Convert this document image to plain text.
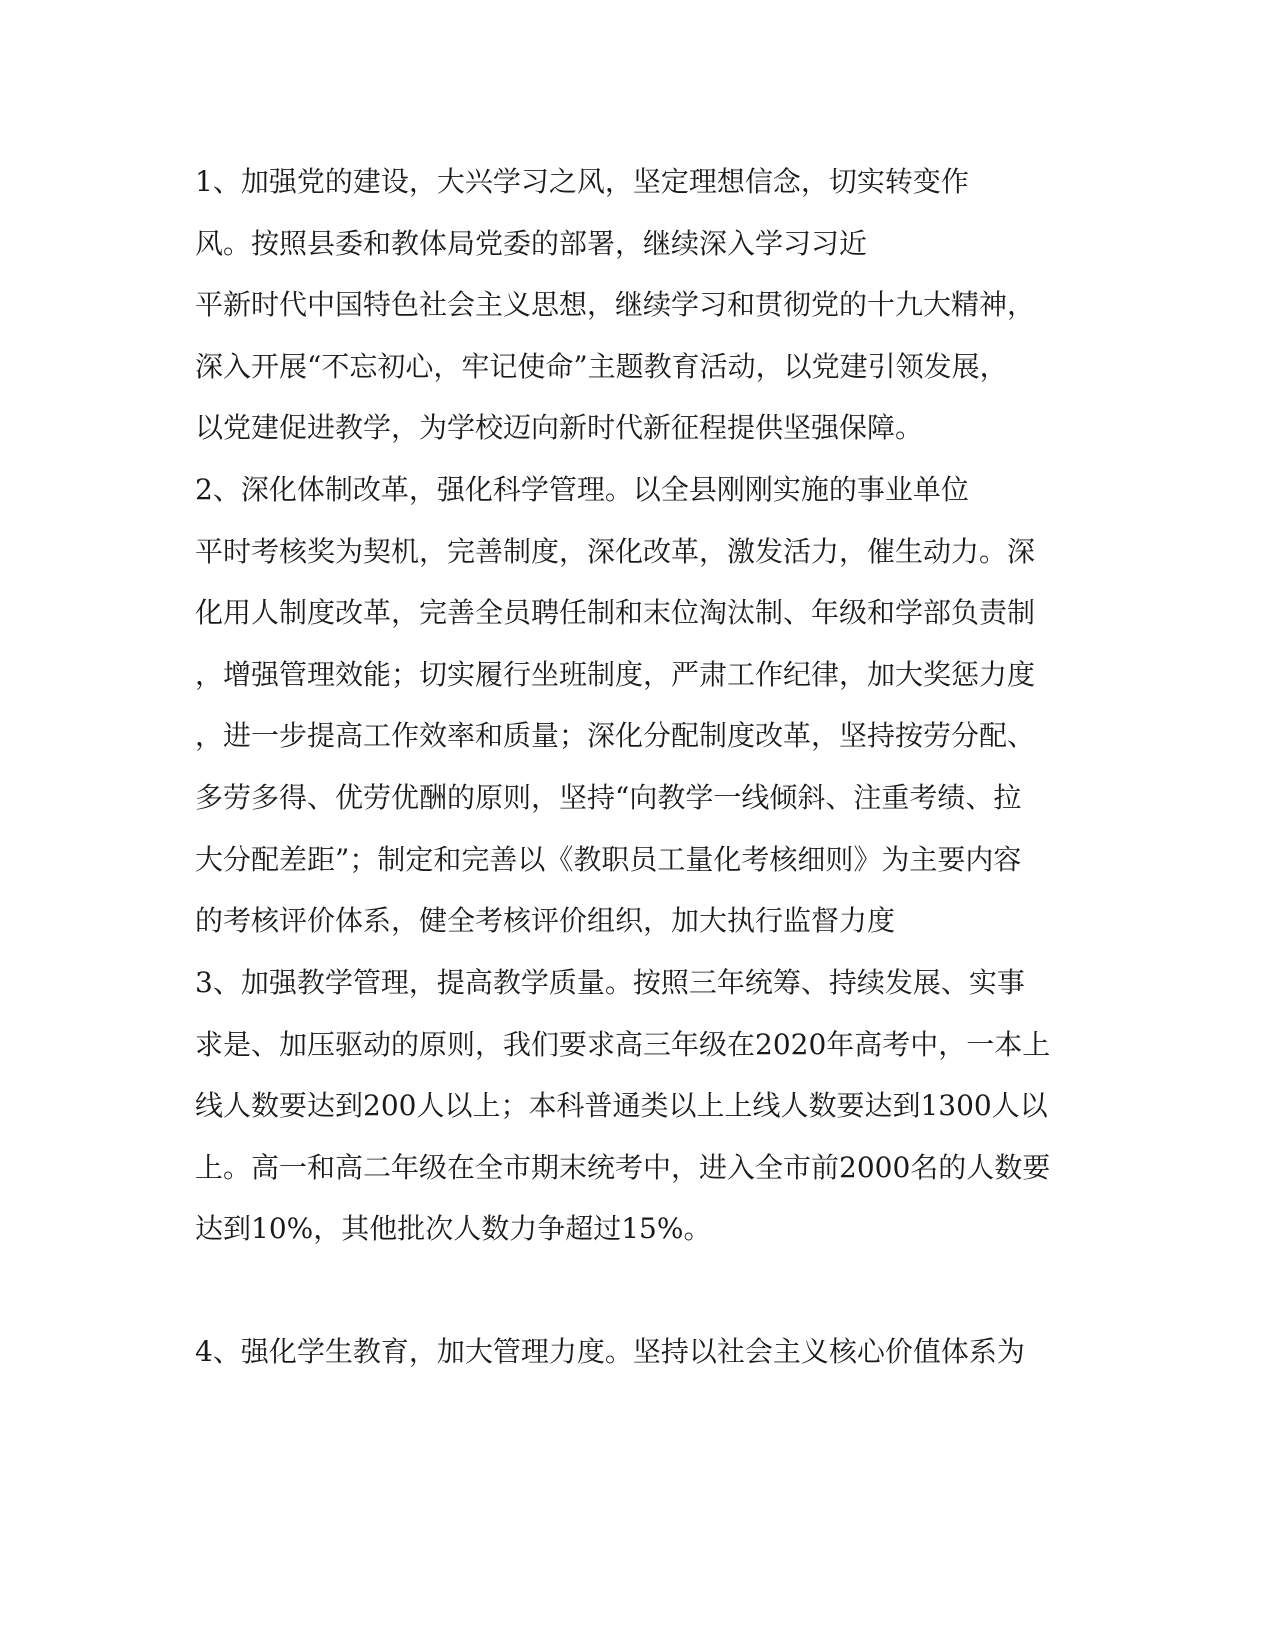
1、加强党的建设，大兴学习之风，坚定理想信念，切实转变作

风。按照县委和教体局党委的部署，继续深入学习习近

平新时代中国特色社会主义思想，继续学习和贯彻党的十九大精神，

深入开展“不忘初心，牢记使命”主题教育活动，以党建引领发展，

以党建促进教学，为学校迈向新时代新征程提供坚强保障。

2、深化体制改革，强化科学管理。以全县刚刚实施的事业单位

平时考核奖为契机，完善制度，深化改革，激发活力，催生动力。深

化用人制度改革，完善全员聘任制和末位淘汰制、年级和学部负责制

，增强管理效能；切实履行坐班制度，严肃工作纪律，加大奖惩力度

，进一步提高工作效率和质量；深化分配制度改革，坚持按劳分配、

多劳多得、优劳优酬的原则，坚持“向教学一线倾斜、注重考绩、拉

大分配差距”；制定和完善以《教职员工量化考核细则》为主要内容

的考核评价体系，健全考核评价组织，加大执行监督力度

3、加强教学管理，提高教学质量。按照三年统筹、持续发展、实事

求是、加压驱动的原则，我们要求高三年级在2020年高考中，一本上

线人数要达到200人以上；本科普通类以上上线人数要达到1300人以

上。高一和高二年级在全市期末统考中，进入全市前2000名的人数要

达到10%，其他批次人数力争超过15%。

4、强化学生教育，加大管理力度。坚持以社会主义核心价值体系为
